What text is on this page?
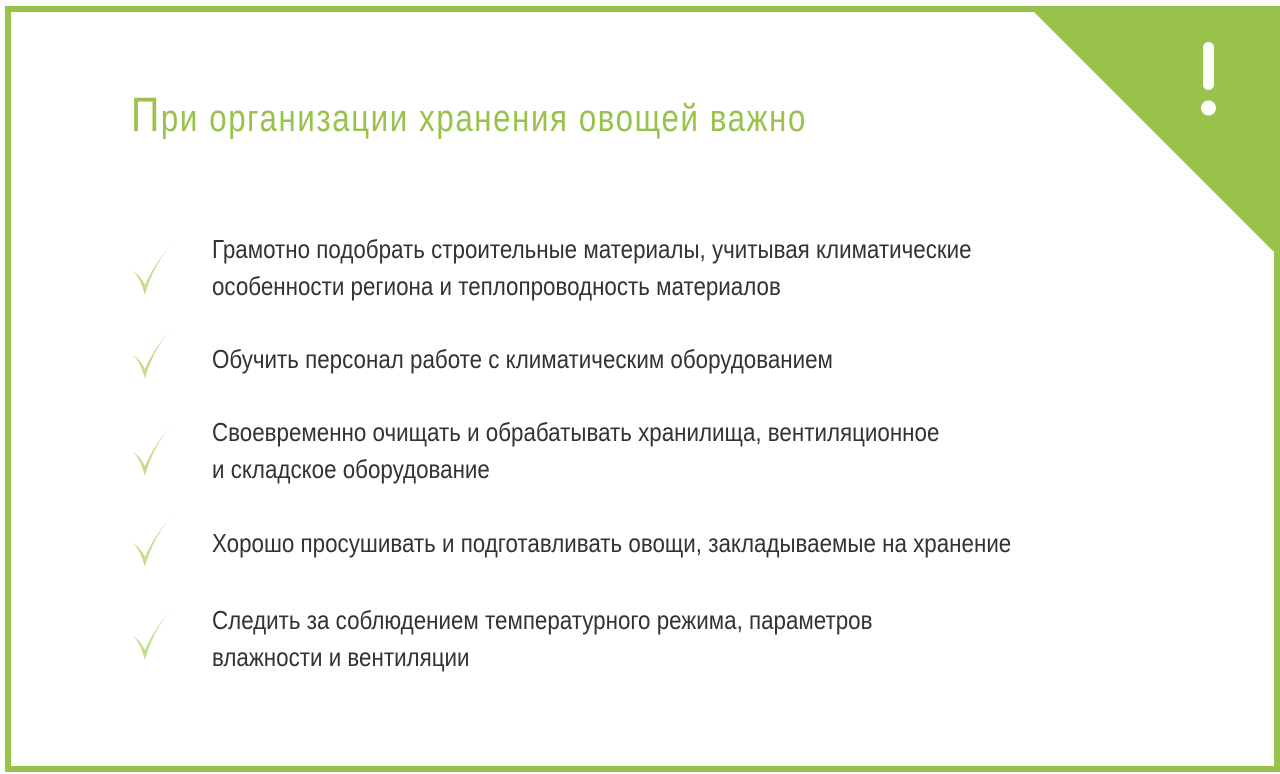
При организации хранения овощей важно

Грамотно подобрать строительные материалы, учитывая климатические
особенности региона и теплопроводность материалов

Обучить персонал работе с климатическим оборудованием

Своевременно очищать и обрабатывать хранилища, вентиляционное
и складское оборудование

Хорошо просушивать и подготавливать овощи, закладываемые на хранение

Следить за соблюдением температурного режима, параметров
влажности и вентиляции
